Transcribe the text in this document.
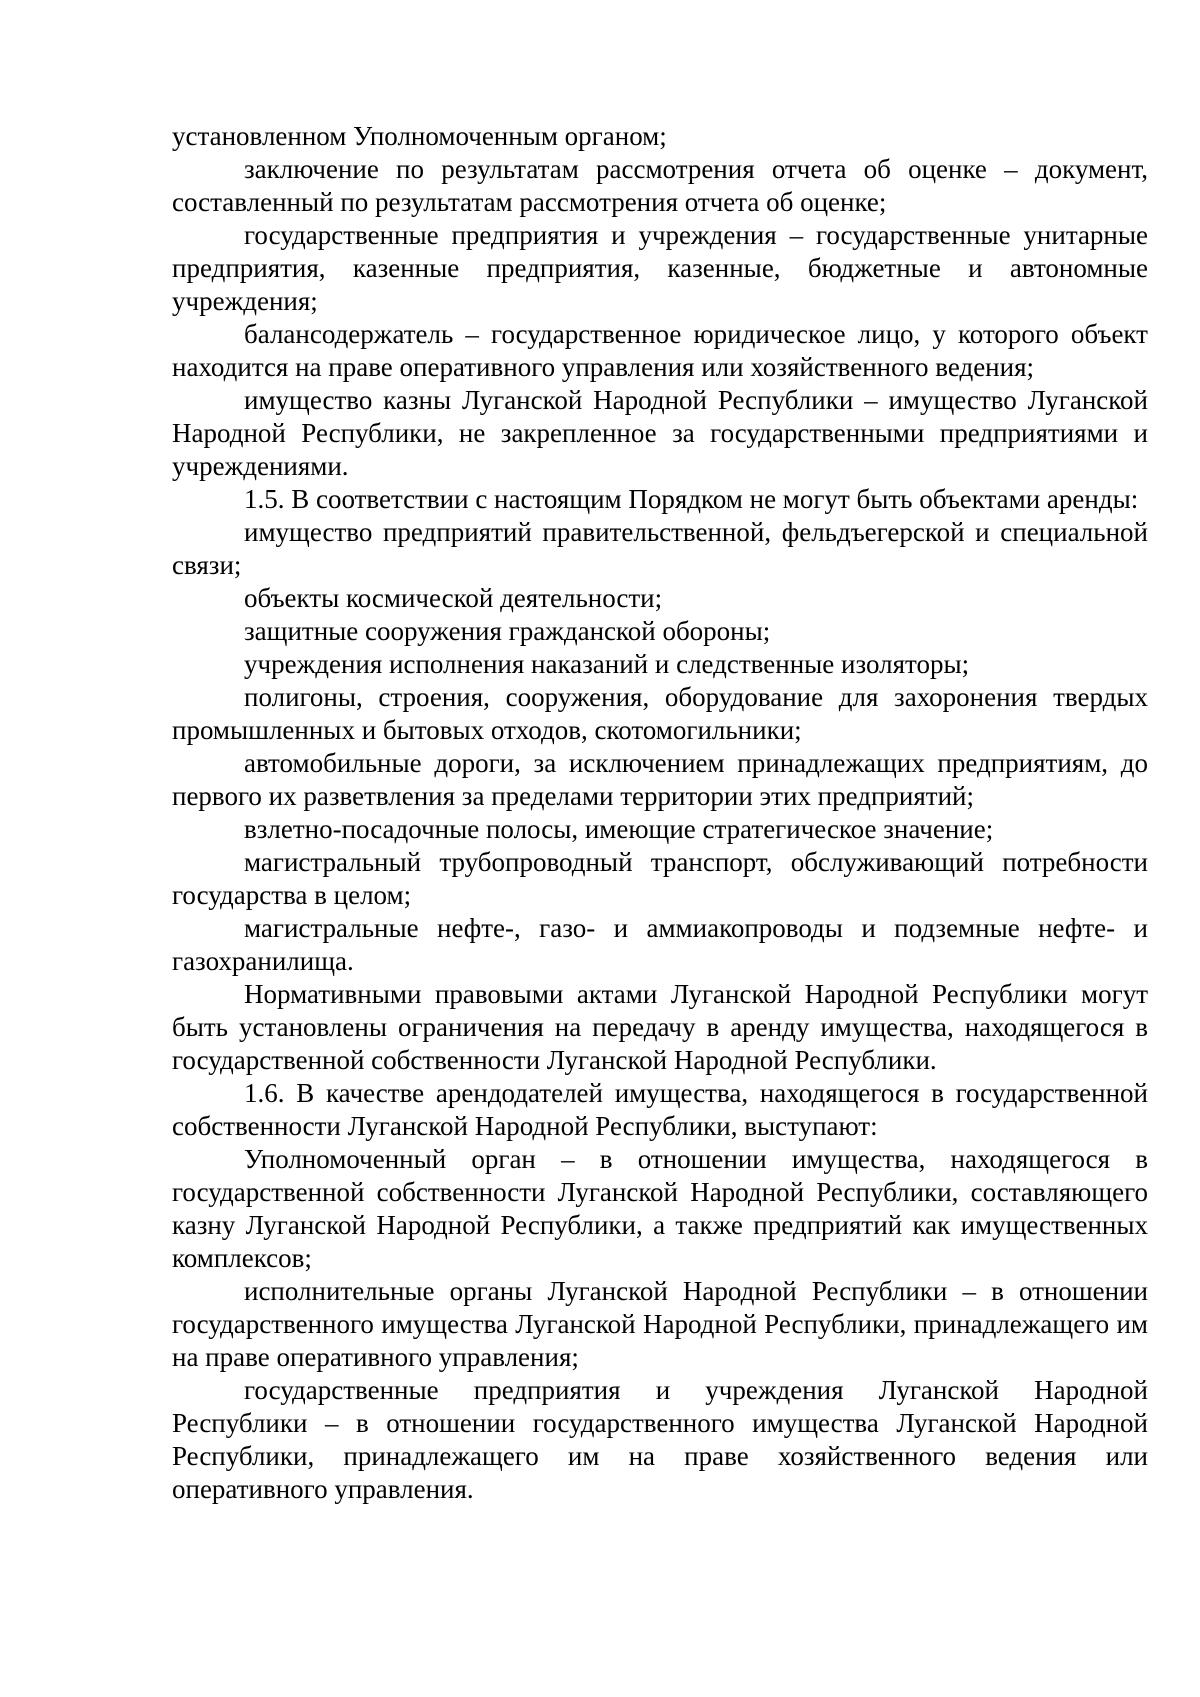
установленном Уполномоченным органом;

заключение по результатам рассмотрения отчета об оценке – документ, составленный по результатам рассмотрения отчета об оценке;

государственные предприятия и учреждения – государственные унитарные предприятия, казенные предприятия, казенные, бюджетные и автономные учреждения;

балансодержатель – государственное юридическое лицо, у которого объект находится на праве оперативного управления или хозяйственного ведения;

имущество казны Луганской Народной Республики – имущество Луганской Народной Республики, не закрепленное за государственными предприятиями и учреждениями.

1.5. В соответствии с настоящим Порядком не могут быть объектами аренды:

имущество предприятий правительственной, фельдъегерской и специальной связи;

объекты космической деятельности;

защитные сооружения гражданской обороны;

учреждения исполнения наказаний и следственные изоляторы;

полигоны, строения, сооружения, оборудование для захоронения твердых промышленных и бытовых отходов, скотомогильники;

автомобильные дороги, за исключением принадлежащих предприятиям, до первого их разветвления за пределами территории этих предприятий;

взлетно-посадочные полосы, имеющие стратегическое значение;

магистральный трубопроводный транспорт, обслуживающий потребности государства в целом;

магистральные нефте-, газо- и аммиакопроводы и подземные нефте- и газохранилища.

Нормативными правовыми актами Луганской Народной Республики могут быть установлены ограничения на передачу в аренду имущества, находящегося в государственной собственности Луганской Народной Республики.

1.6. В качестве арендодателей имущества, находящегося в государственной собственности Луганской Народной Республики, выступают:

Уполномоченный орган – в отношении имущества, находящегося в государственной собственности Луганской Народной Республики, составляющего казну Луганской Народной Республики, а также предприятий как имущественных комплексов;

исполнительные органы Луганской Народной Республики – в отношении государственного имущества Луганской Народной Республики, принадлежащего им на праве оперативного управления;

государственные предприятия и учреждения Луганской Народной Республики – в отношении государственного имущества Луганской Народной Республики, принадлежащего им на праве хозяйственного ведения или оперативного управления.
